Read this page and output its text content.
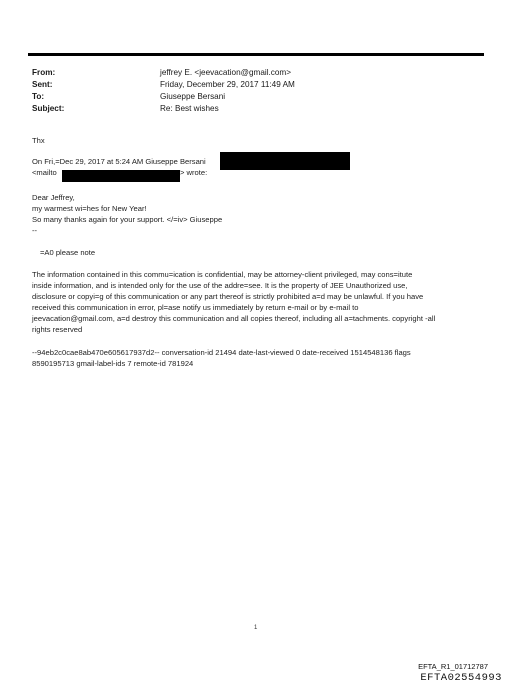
From:	jeffrey E. <jeevacation@gmail.com>
Sent:	Friday, December 29, 2017 11:49 AM
To:	Giuseppe Bersani
Subject:	Re: Best wishes
Thx
On Fri,=Dec 29, 2017 at 5:24 AM Giuseppe Bersani
<mailto	> wrote:
Dear Jeffrey,
my warmest wi=hes for New Year!
So many thanks again for your support. </=iv> Giuseppe
--
=A0 please note
The information contained in this commu=ication is confidential, may be attorney-client privileged, may cons=itute
inside information, and is intended only for the use of the addre=see. It is the property of JEE Unauthorized use,
disclosure or copyi=g of this communication or any part thereof is strictly prohibited a=d may be unlawful. If you have
received this communication in error, pl=ase notify us immediately by return e-mail or by e-mail to
jeevacation@gmail.com, a=d destroy this communication and all copies thereof, including all a=tachments. copyright -all
rights reserved
--94eb2c0cae8ab470e605617937d2-- conversation-id 21494 date-last-viewed 0 date-received 1514548136 flags
8590195713 gmail-label-ids 7 remote-id 781924
1
EFTA_R1_01712787
EFTA02554993
